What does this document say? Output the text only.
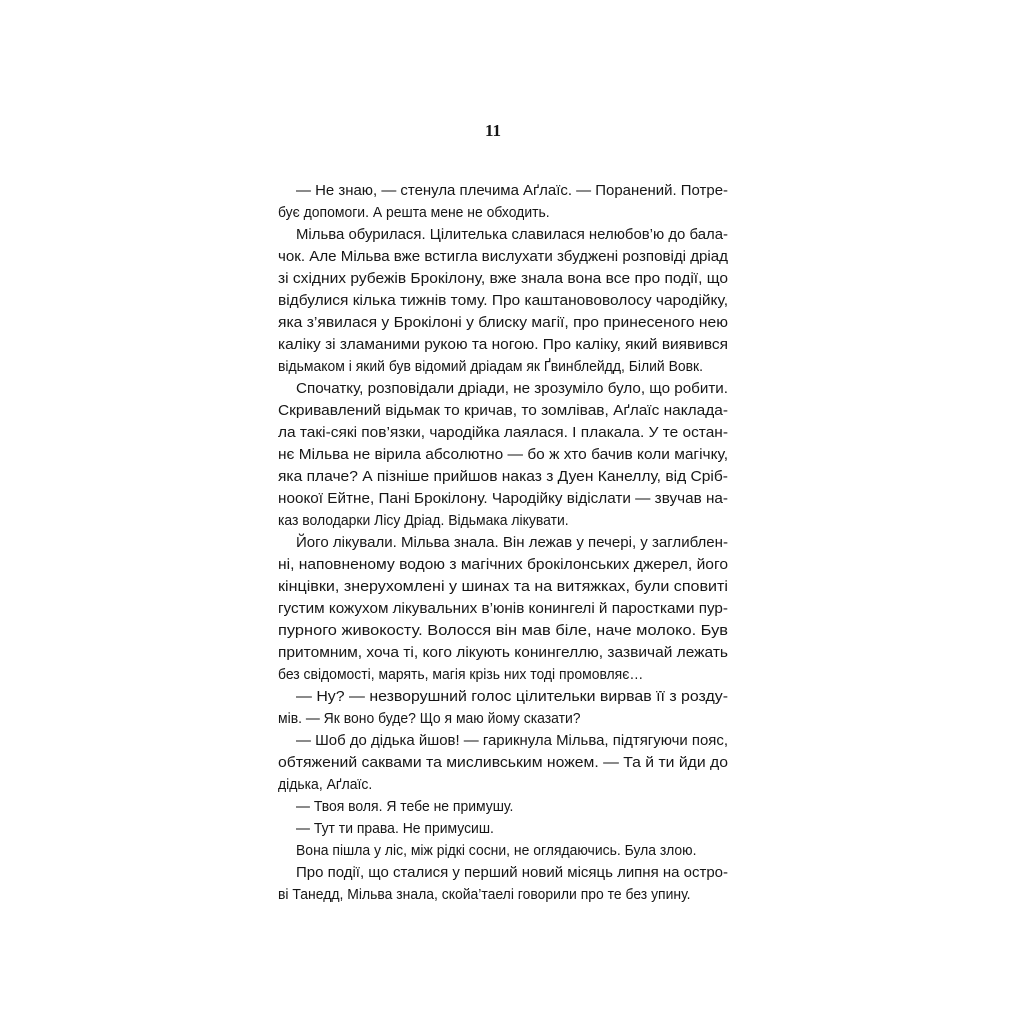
11
— Не знаю, — стенула плечима Аґлаїс. — Поранений. Потре-
бує допомоги. А решта мене не обходить.
Мільва обурилася. Цілителька славилася нелюбов’ю до бала-
чок. Але Мільва вже встигла вислухати збуджені розповіді дріад
зі східних рубежів Брокілону, вже знала вона все про події, що
відбулися кілька тижнів тому. Про каштанововолосу чародійку,
яка з’явилася у Брокілоні у блиску магії, про принесеного нею
каліку зі зламаними рукою та ногою. Про каліку, який виявився
відьмаком і який був відомий дріадам як Ґвинблейдд, Білий Вовк.
Спочатку, розповідали дріади, не зрозуміло було, що робити.
Скривавлений відьмак то кричав, то зомлівав, Аґлаїс наклада-
ла такі-сякі пов’язки, чародійка лаялася. І плакала. У те остан-
нє Мільва не вірила абсолютно — бо ж хто бачив коли магічку,
яка плаче? А пізніше прийшов наказ з Дуен Канеллу, від Сріб-
ноокої Ейтне, Пані Брокілону. Чародійку відіслати — звучав на-
каз володарки Лісу Дріад. Відьмака лікувати.
Його лікували. Мільва знала. Він лежав у печері, у заглиблен-
ні, наповненому водою з магічних брокілонських джерел, його
кінцівки, знерухомлені у шинах та на витяжках, були сповиті
густим кожухом лікувальних в’юнів конингелі й паростками пур-
пурного живокосту. Волосся він мав біле, наче молоко. Був
притомним, хоча ті, кого лікують конингеллю, зазвичай лежать
без свідомості, марять, магія крізь них тоді промовляє…
— Ну? — незворушний голос цілительки вирвав її з розду-
мів. — Як воно буде? Що я маю йому сказати?
— Шоб до дідька йшов! — гарикнула Мільва, підтягуючи пояс,
обтяжений саквами та мисливським ножем. — Та й ти йди до
дідька, Аґлаїс.
— Твоя воля. Я тебе не примушу.
— Тут ти права. Не примусиш.
Вона пішла у ліс, між рідкі сосни, не оглядаючись. Була злою.
Про події, що сталися у перший новий місяць липня на остро-
ві Танедд, Мільва знала, скойа’таелі говорили про те без упину.
